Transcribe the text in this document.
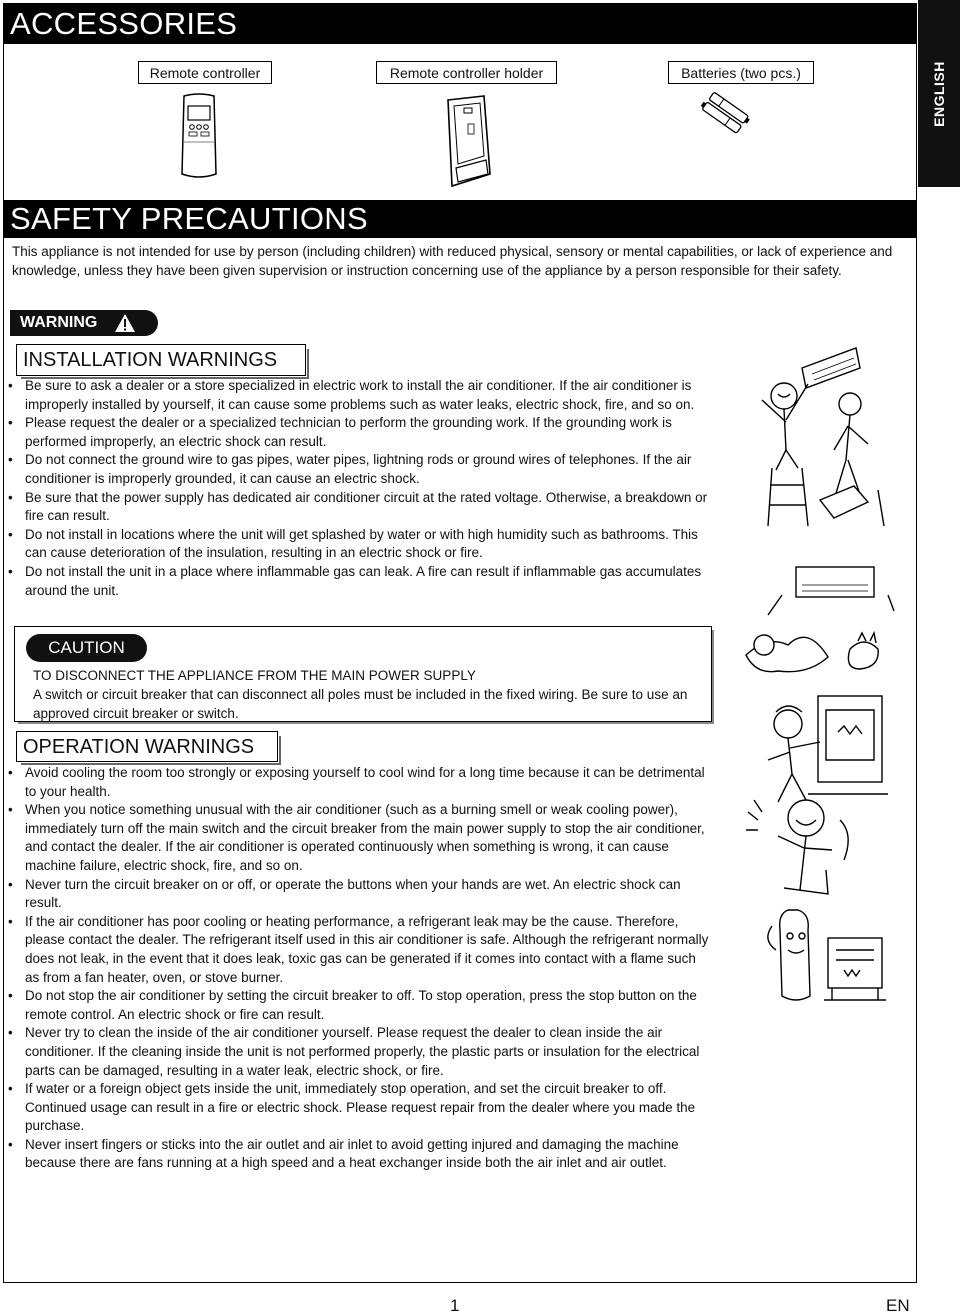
ACCESSORIES
ENGLISH
Remote controller	Remote controller holder	Batteries (two pcs.)
SAFETY PRECAUTIONS
This appliance is not intended for use by person (including children) with reduced physical, sensory or mental capabilities, or lack of experience and knowledge, unless they have been given supervision or instruction concerning use of the appliance by a person responsible for their safety.
WARNING
INSTALLATION WARNINGS
• Be sure to ask a dealer or a store specialized in electric work to install the air conditioner. If the air conditioner is improperly installed by yourself, it can cause some problems such as water leaks, electric shock, fire, and so on.
• Please request the dealer or a specialized technician to perform the grounding work. If the grounding work is performed improperly, an electric shock can result.
• Do not connect the ground wire to gas pipes, water pipes, lightning rods or ground wires of telephones. If the air conditioner is improperly grounded, it can cause an electric shock.
• Be sure that the power supply has dedicated air conditioner circuit at the rated voltage. Otherwise, a breakdown or fire can result.
• Do not install in locations where the unit will get splashed by water or with high humidity such as bathrooms. This can cause deterioration of the insulation, resulting in an electric shock or fire.
• Do not install the unit in a place where inflammable gas can leak. A fire can result if inflammable gas accumulates around the unit.
CAUTION
TO DISCONNECT THE APPLIANCE FROM THE MAIN POWER SUPPLY
A switch or circuit breaker that can disconnect all poles must be included in the fixed wiring. Be sure to use an approved circuit breaker or switch.
OPERATION WARNINGS
• Avoid cooling the room too strongly or exposing yourself to cool wind for a long time because it can be detrimental to your health.
• When you notice something unusual with the air conditioner (such as a burning smell or weak cooling power), immediately turn off the main switch and the circuit breaker from the main power supply to stop the air conditioner, and contact the dealer. If the air conditioner is operated continuously when something is wrong, it can cause machine failure, electric shock, fire, and so on.
• Never turn the circuit breaker on or off, or operate the buttons when your hands are wet. An electric shock can result.
• If the air conditioner has poor cooling or heating performance, a refrigerant leak may be the cause. Therefore, please contact the dealer. The refrigerant itself used in this air conditioner is safe. Although the refrigerant normally does not leak, in the event that it does leak, toxic gas can be generated if it comes into contact with a flame such as from a fan heater, oven, or stove burner.
• Do not stop the air conditioner by setting the circuit breaker to off. To stop operation, press the stop button on the remote control. An electric shock or fire can result.
• Never try to clean the inside of the air conditioner yourself. Please request the dealer to clean inside the air conditioner. If the cleaning inside the unit is not performed properly, the plastic parts or insulation for the electrical parts can be damaged, resulting in a water leak, electric shock, or fire.
• If water or a foreign object gets inside the unit, immediately stop operation, and set the circuit breaker to off. Continued usage can result in a fire or electric shock. Please request repair from the dealer where you made the purchase.
• Never insert fingers or sticks into the air outlet and air inlet to avoid getting injured and damaging the machine because there are fans running at a high speed and a heat exchanger inside both the air inlet and air outlet.
1	EN
